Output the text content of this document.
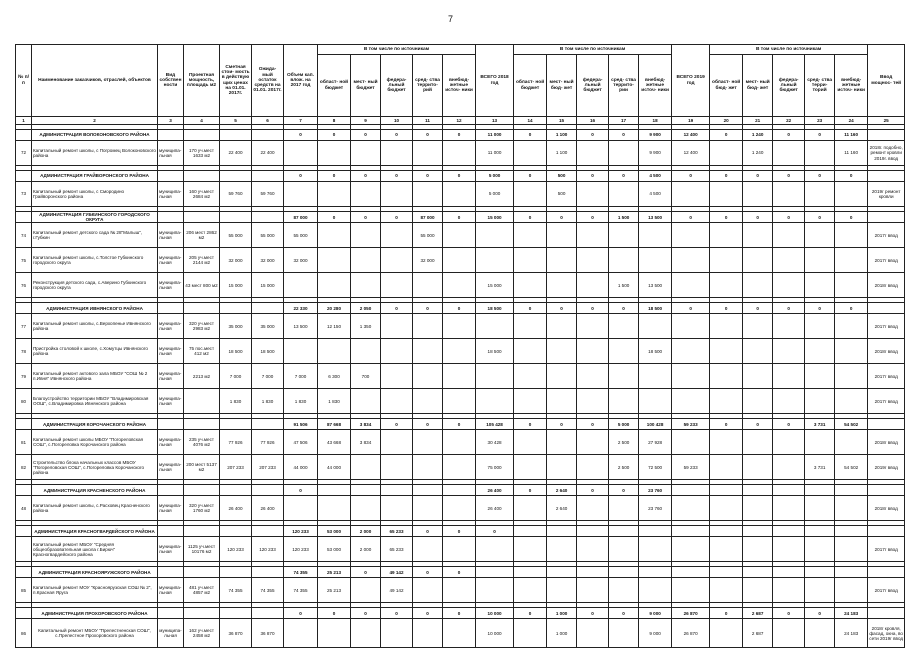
7
№ п/п	Наименование заказчиков, отраслей, объектов	Вид собствен ности	Проектная мощность, площадь м2	Сметная стои- мость в действую щих ценах на 01.01. 2017г.	Ожида- мый остаток средств на 01.01. 2017г.	Объем кап. влож. на 2017 год	В том числе по источникам					ВСЕГО 2018 год	В том числе по источникам					ВСЕГО 2019 год	В том числе по источникам					Ввод мощнос- тей
							област- ной бюджет	мест- ный бюджет	федера- льный бюджет	сред- ства террито- рий	внебюд- жетные источ- ники		област- ной бюджет	мест- ный бюд- жет	федера- льный бюджет	сред- ства террито- рии	внебюд- жетные источ- ники		област- ной бюд- жет	мест- ный бюд- жет	федера- льный бюджет	сред- ства терри- торий	внебюд- жетные источ- ники	
1	2	3	4	5	6	7	8	9	10	11	12	13	14	15	16	17	18	19	20	21	22	23	24	25

	АДМИНИСТРАЦИЯ ВОЛОКОНОВСКОГО РАЙОНА					0	0	0	0	0	0	11 000	0	1 100	0	0	9 900	12 400	0	1 240	0	0	11 160	
72	Капитальный ремонт школы, с Погромец Волоконовского района	муниципа- льная	170 уч.мест 1633 м2	22 400	22 400							11 000		1 100			9 900	12 400		1 240			11 160	2018г. подобно, ремонт кровли 2019г. ввод

	АДМИНИСТРАЦИЯ ГРАЙВОРОНСКОГО РАЙОНА					0	0	0	0	0	0	5 000	0	500	0	0	4 500	0	0	0	0	0	0	
73	Капитальный ремонт школы, с Смородино Грайворонского района	муниципа- льная	160 уч.мест 2684 м2	59 760	59 760							5 000		500			4 500							2019г ремонт кровли

	АДМИНИСТРАЦИЯ ГУБКИНСКОГО ГОРОДСКОГО ОКРУГА					87 000	0	0	0	87 000	0	15 000	0	0	0	1 500	13 500	0	0	0	0	0	0	
74	Капитальный ремонт детского сада № 28"Малыш", г.Губкин	муниципа- льная	206 мест 2862 м2	55 000	55 000	55 000				55 000														2017г ввод
75	Капитальный ремонт школы, с.Толстое Губкинского городского округа	муниципа- льная	205 уч.мест 2144 м2	32 000	32 000	32 000				32 000														2017г ввод
76	Реконструкция детского сада, с.Аверино Губкинского городского округа	муниципа- льная	43 мест 800 м2	15 000	15 000							15 000				1 500	13 500							2018г ввод

	АДМИНИСТРАЦИЯ ИВНЯНСКОГО РАЙОНА					22 330	20 280	2 050	0	0	0	18 500	0	0	0	0	18 500	0	0	0	0	0	0	
77	Капитальный ремонт школы, с.Верхопенье Ивнянского района	муниципа- льная	320 уч.мест 2983 м2	35 000	35 000	13 500	12 150	1 350																2017г ввод
78	Пристройка столовой к школе, с.Хомутцы Ивнянского района	муниципа- льная	75 пос.мест 412 м2	18 500	18 500							18 500					18 500							2018г ввод
79	Капитальный ремонт актового зала МБОУ "СОШ № 2 п.Ивня" Ивнянского района	муниципа- льная	2213 м2	7 000	7 000	7 000	6 300	700																2017г ввод
80	Благоустройство территории МБОУ "Владимировская ООШ", с.Владимировка Ивнянского района	муниципа- льная		1 830	1 830	1 830	1 830																	2017г ввод

	АДМИНИСТРАЦИЯ КОРОЧАНСКОГО РАЙОНА					91 506	87 668	3 834	0	0	0	105 428	0	0	0	5 000	100 428	59 233	0	0	0	3 731	54 502	
81	Капитальный ремонт школы МБОУ "Погореловская СОШ", с.Погореловка Корочанского района	муниципа- льная	235 уч.мест 4076 м2	77 926	77 926	47 506	43 668	3 834				30 428				2 500	27 928							2018г ввод
82	Строительство блока начальных классов МБОУ "Погореловская СОШ", с.Погореловка Корочанского района	муниципа- льная	200 мест 5137 м2	207 233	207 233	44 000	44 000					75 000				2 500	72 500	59 233				3 731	54 502	2019г ввод

	АДМИНИСТРАЦИЯ КРАСНЕНСКОГО РАЙОНА					0						26 400	0	2 640	0	0	23 760							
48	Капитальный ремонт школы, с.Расховец Красненского района	муниципа- льная	320 уч.мест 1760 м2	26 400	26 400							26 400		2 640			23 760							2018г ввод

	АДМИНИСТРАЦИЯ КРАСНОГВАРДЕЙСКОГО РАЙОНА					120 233	53 000	2 000	65 233	0	0	0												
	Капитальный ремонт МБОУ "Средняя общеобразовательная школа г.Бирюч" Красногвардейского района	муниципа- льная	1125 уч.мест 10176 м2	120 233	120 233	120 233	53 000	2 000	65 233															2017г ввод

	АДМИНИСТРАЦИЯ КРАСНОЯРУЖСКОГО РАЙОНА					74 355	25 213	0	49 142	0	0													
85	Капитальный ремонт МОУ "Красноярузская СОШ № 2", п.Красная Яруга	муниципа- льная	481 уч.мест 4857 м2	74 355	74 355	74 355	25 213		49 142															2017г ввод

	АДМИНИСТРАЦИЯ ПРОХОРОВСКОГО РАЙОНА					0	0	0	0	0	0	10 000	0	1 000	0	0	9 000	26 870	0	2 687	0	0	24 183	
86	Капитальный ремонт МБОУ "Прелестненская СОШ", с.Прелестное Прохоровского района	муниципа- льная	162 уч.мест 2458 м2	36 870	36 870							10 000		1 000			9 000	26 870		2 687			24 183	2018г кровля, фасад, окна, во сети 2019г ввод
